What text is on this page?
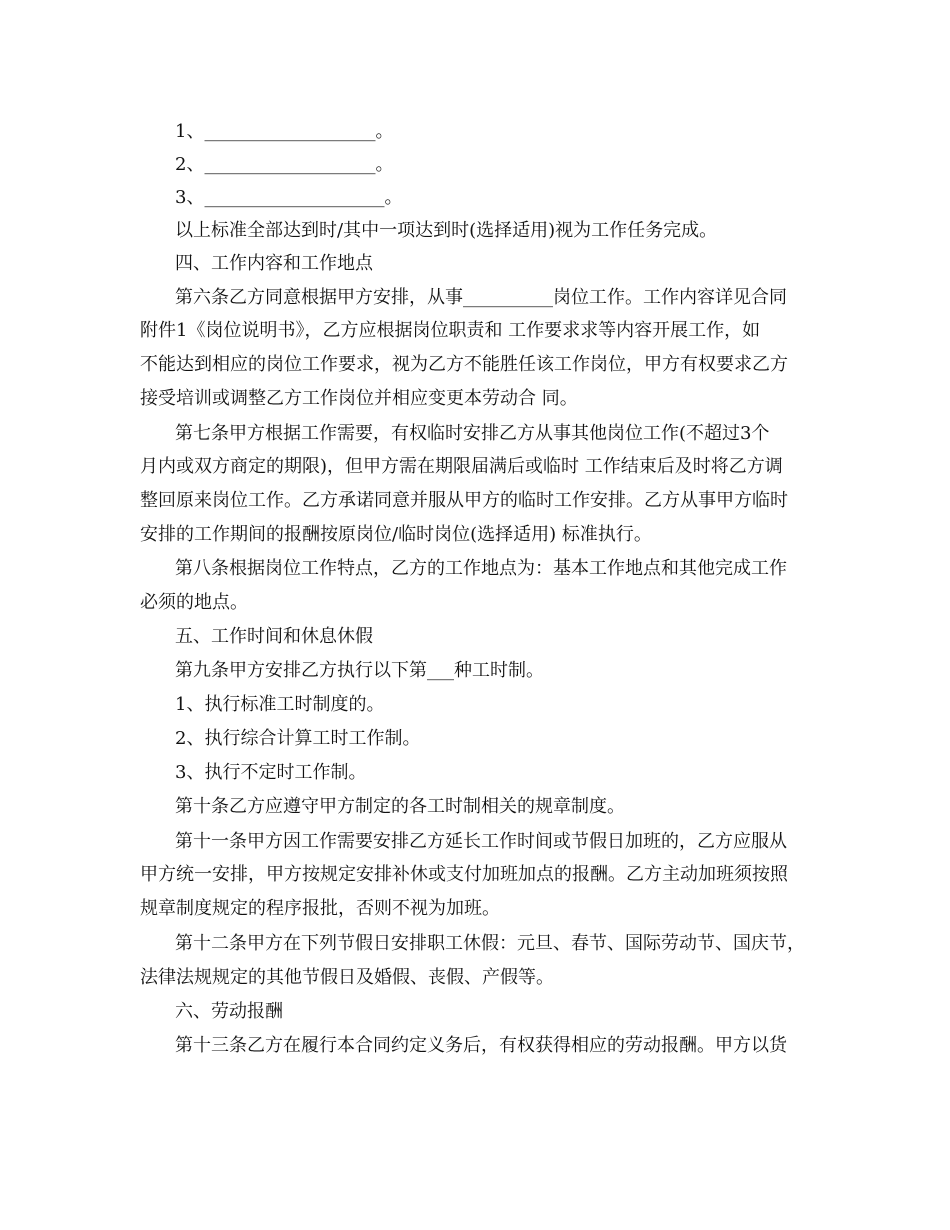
1、___________________。
2、___________________。
3、____________________。
以上标准全部达到时/其中一项达到时(选择适用)视为工作任务完成。
四、工作内容和工作地点
第六条乙方同意根据甲方安排，从事__________岗位工作。工作内容详见合同
附件1《岗位说明书》，乙方应根据岗位职责和 工作要求求等内容开展工作，如
不能达到相应的岗位工作要求，视为乙方不能胜任该工作岗位，甲方有权要求乙方
接受培训或调整乙方工作岗位并相应变更本劳动合 同。
第七条甲方根据工作需要，有权临时安排乙方从事其他岗位工作(不超过3个
月内或双方商定的期限)，但甲方需在期限届满后或临时 工作结束后及时将乙方调
整回原来岗位工作。乙方承诺同意并服从甲方的临时工作安排。乙方从事甲方临时
安排的工作期间的报酬按原岗位/临时岗位(选择适用) 标准执行。
第八条根据岗位工作特点，乙方的工作地点为：基本工作地点和其他完成工作
必须的地点。
五、工作时间和休息休假
第九条甲方安排乙方执行以下第___种工时制。
1、执行标准工时制度的。
2、执行综合计算工时工作制。
3、执行不定时工作制。
第十条乙方应遵守甲方制定的各工时制相关的规章制度。
第十一条甲方因工作需要安排乙方延长工作时间或节假日加班的，乙方应服从
甲方统一安排，甲方按规定安排补休或支付加班加点的报酬。乙方主动加班须按照
规章制度规定的程序报批，否则不视为加班。
第十二条甲方在下列节假日安排职工休假：元旦、春节、国际劳动节、国庆节，
法律法规规定的其他节假日及婚假、丧假、产假等。
六、劳动报酬
第十三条乙方在履行本合同约定义务后，有权获得相应的劳动报酬。甲方以货
